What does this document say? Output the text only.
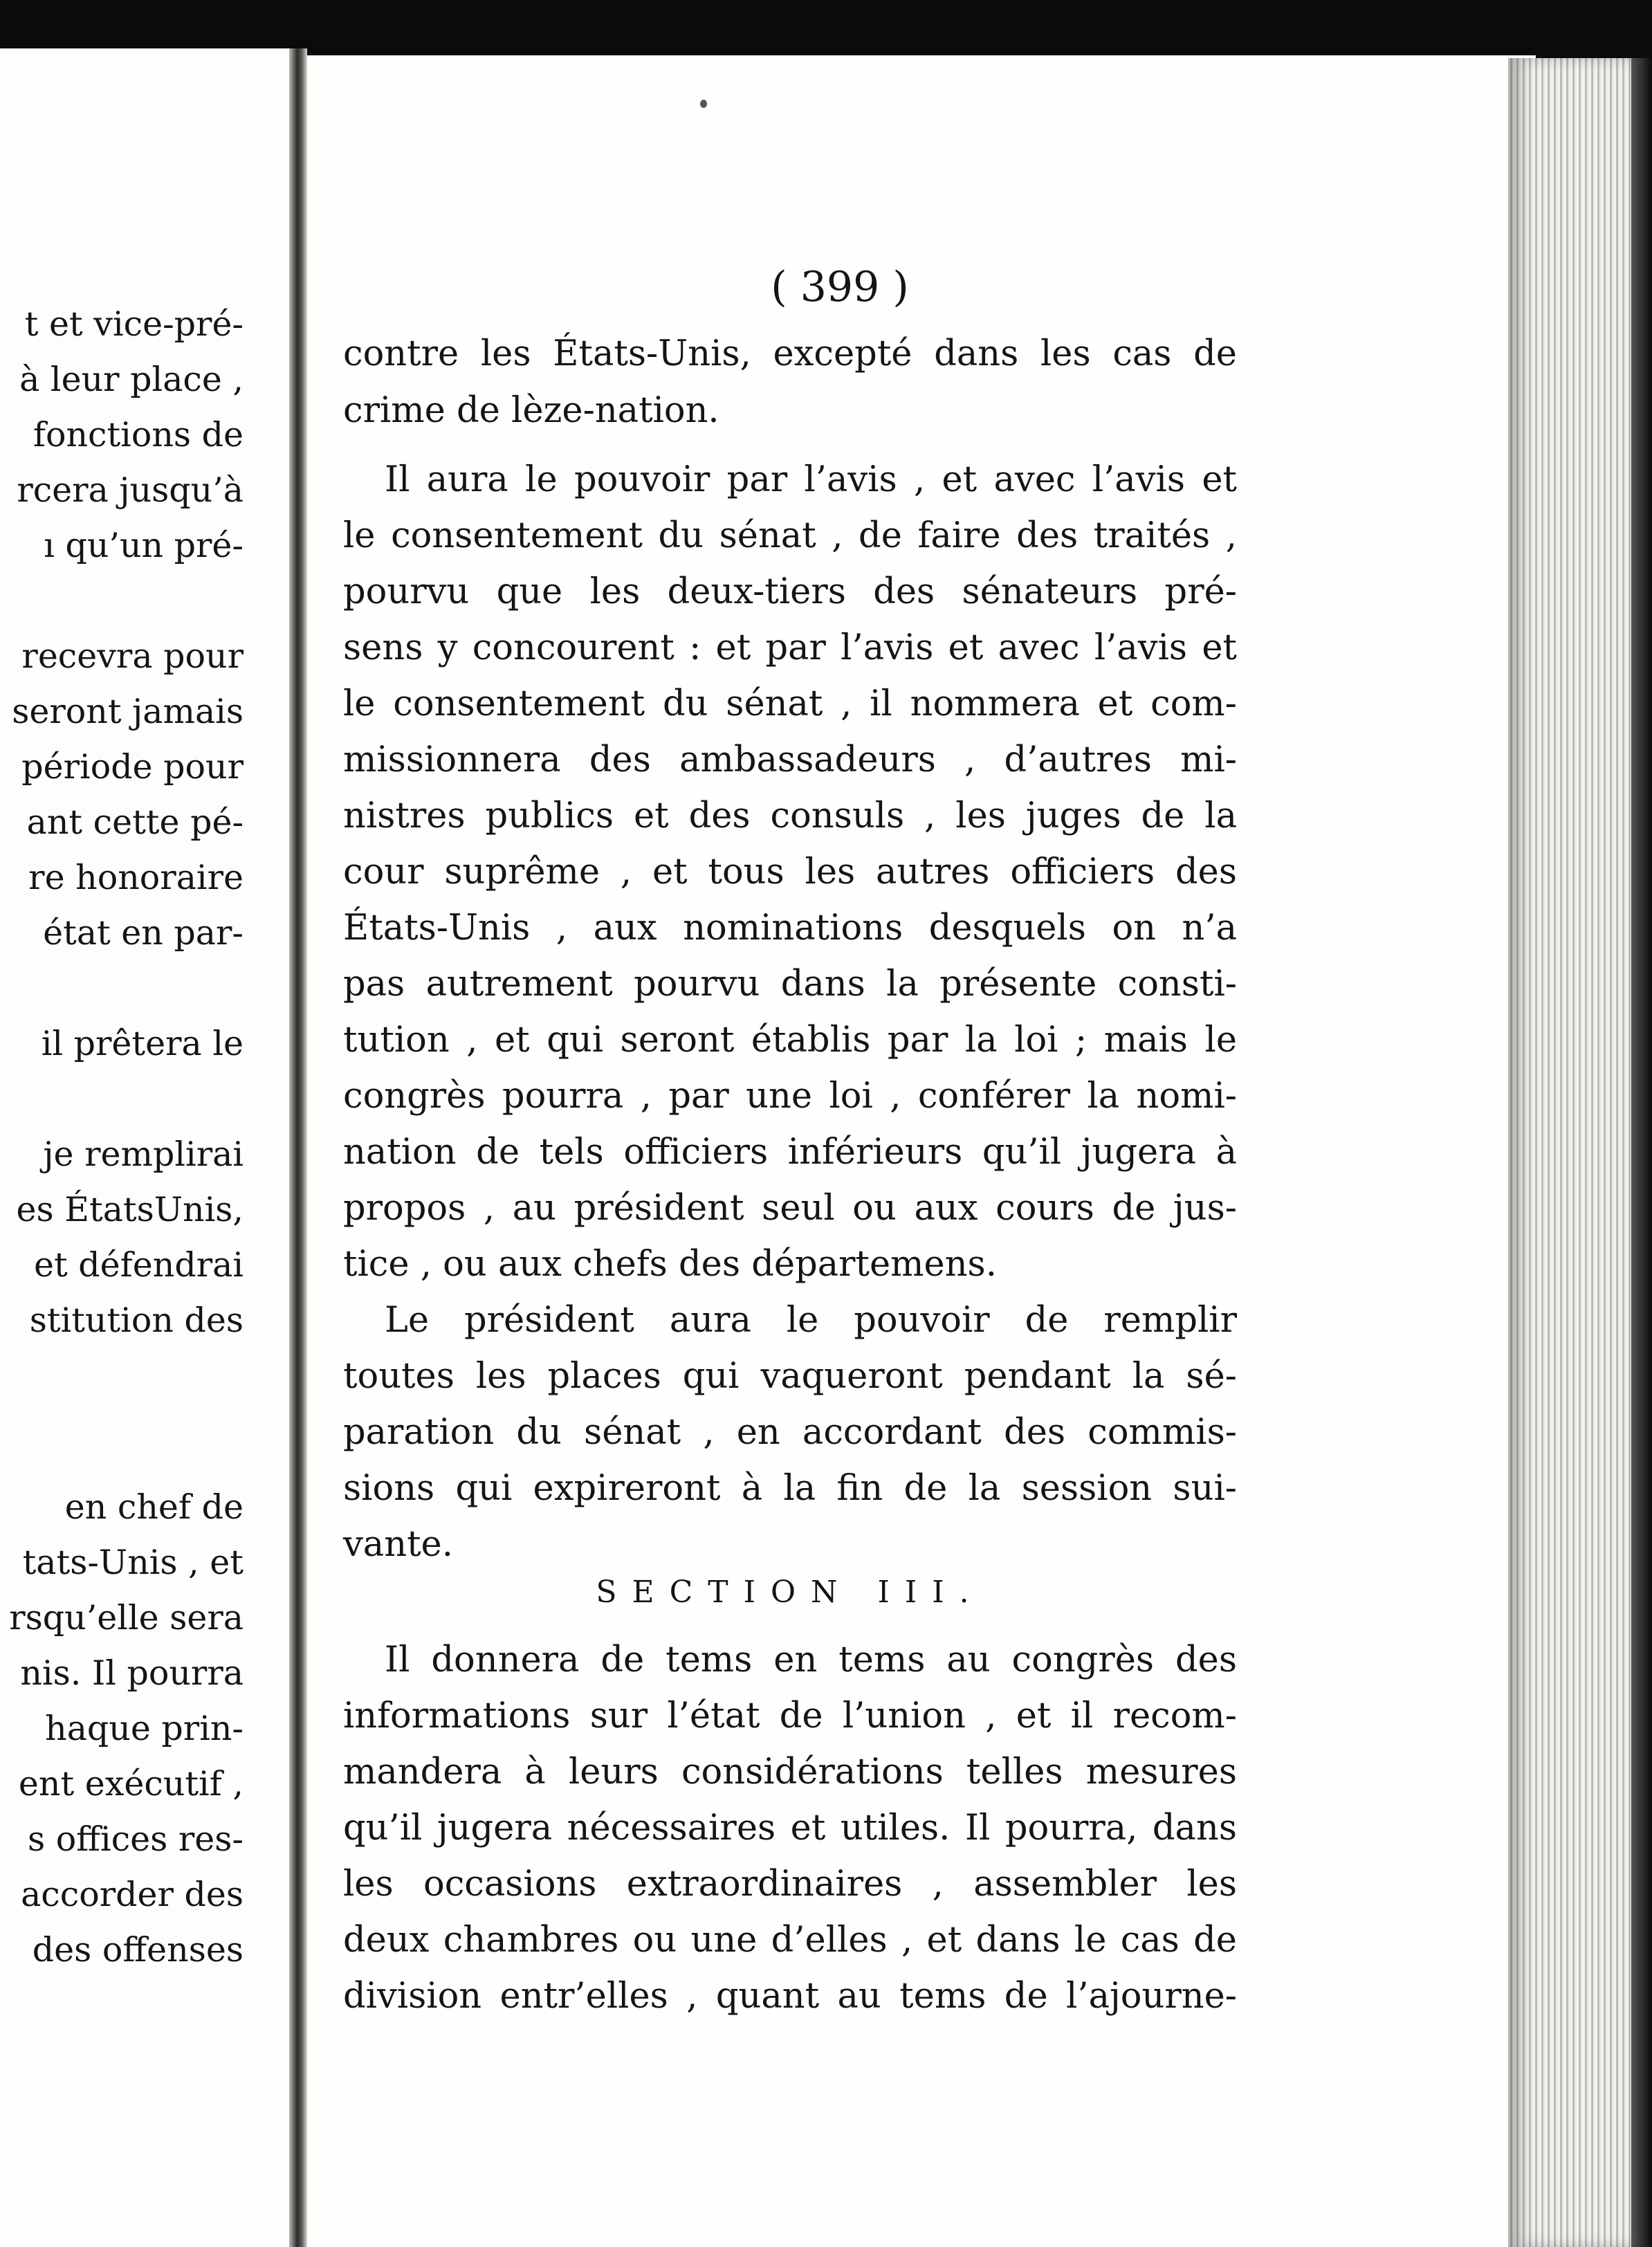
t et vice-pré-
à leur place ,
fonctions de
rcera jusqu’à
ı qu’un pré-
recevra pour
seront jamais
période pour
ant cette pé-
re honoraire
état en par-
il prêtera le
je remplirai
es ÉtatsUnis,
et défendrai
stitution des
en chef de
tats-Unis , et
rsqu’elle sera
nis. Il pourra
haque prin-
ent exécutif ,
s offices res-
accorder des
des offenses
( 399 )
contre les États-Unis, excepté dans les cas de
crime de lèze-nation.
Il aura le pouvoir par l’avis , et avec l’avis et
le consentement du sénat , de faire des traités ,
pourvu que les deux-tiers des sénateurs pré-
sens y concourent : et par l’avis et avec l’avis et
le consentement du sénat , il nommera et com-
missionnera des ambassadeurs , d’autres mi-
nistres publics et des consuls , les juges de la
cour suprême , et tous les autres officiers des
États-Unis , aux nominations desquels on n’a
pas autrement pourvu dans la présente consti-
tution , et qui seront établis par la loi ; mais le
congrès pourra , par une loi , conférer la nomi-
nation de tels officiers inférieurs qu’il jugera à
propos , au président seul ou aux cours de jus-
tice , ou aux chefs des départemens.
Le président aura le pouvoir de remplir
toutes les places qui vaqueront pendant la sé-
paration du sénat , en accordant des commis-
sions qui expireront à la fin de la session sui-
vante.
SECTION III.
Il donnera de tems en tems au congrès des
informations sur l’état de l’union , et il recom-
mandera à leurs considérations telles mesures
qu’il jugera nécessaires et utiles. Il pourra, dans
les occasions extraordinaires , assembler les
deux chambres ou une d’elles , et dans le cas de
division entr’elles , quant au tems de l’ajourne-
